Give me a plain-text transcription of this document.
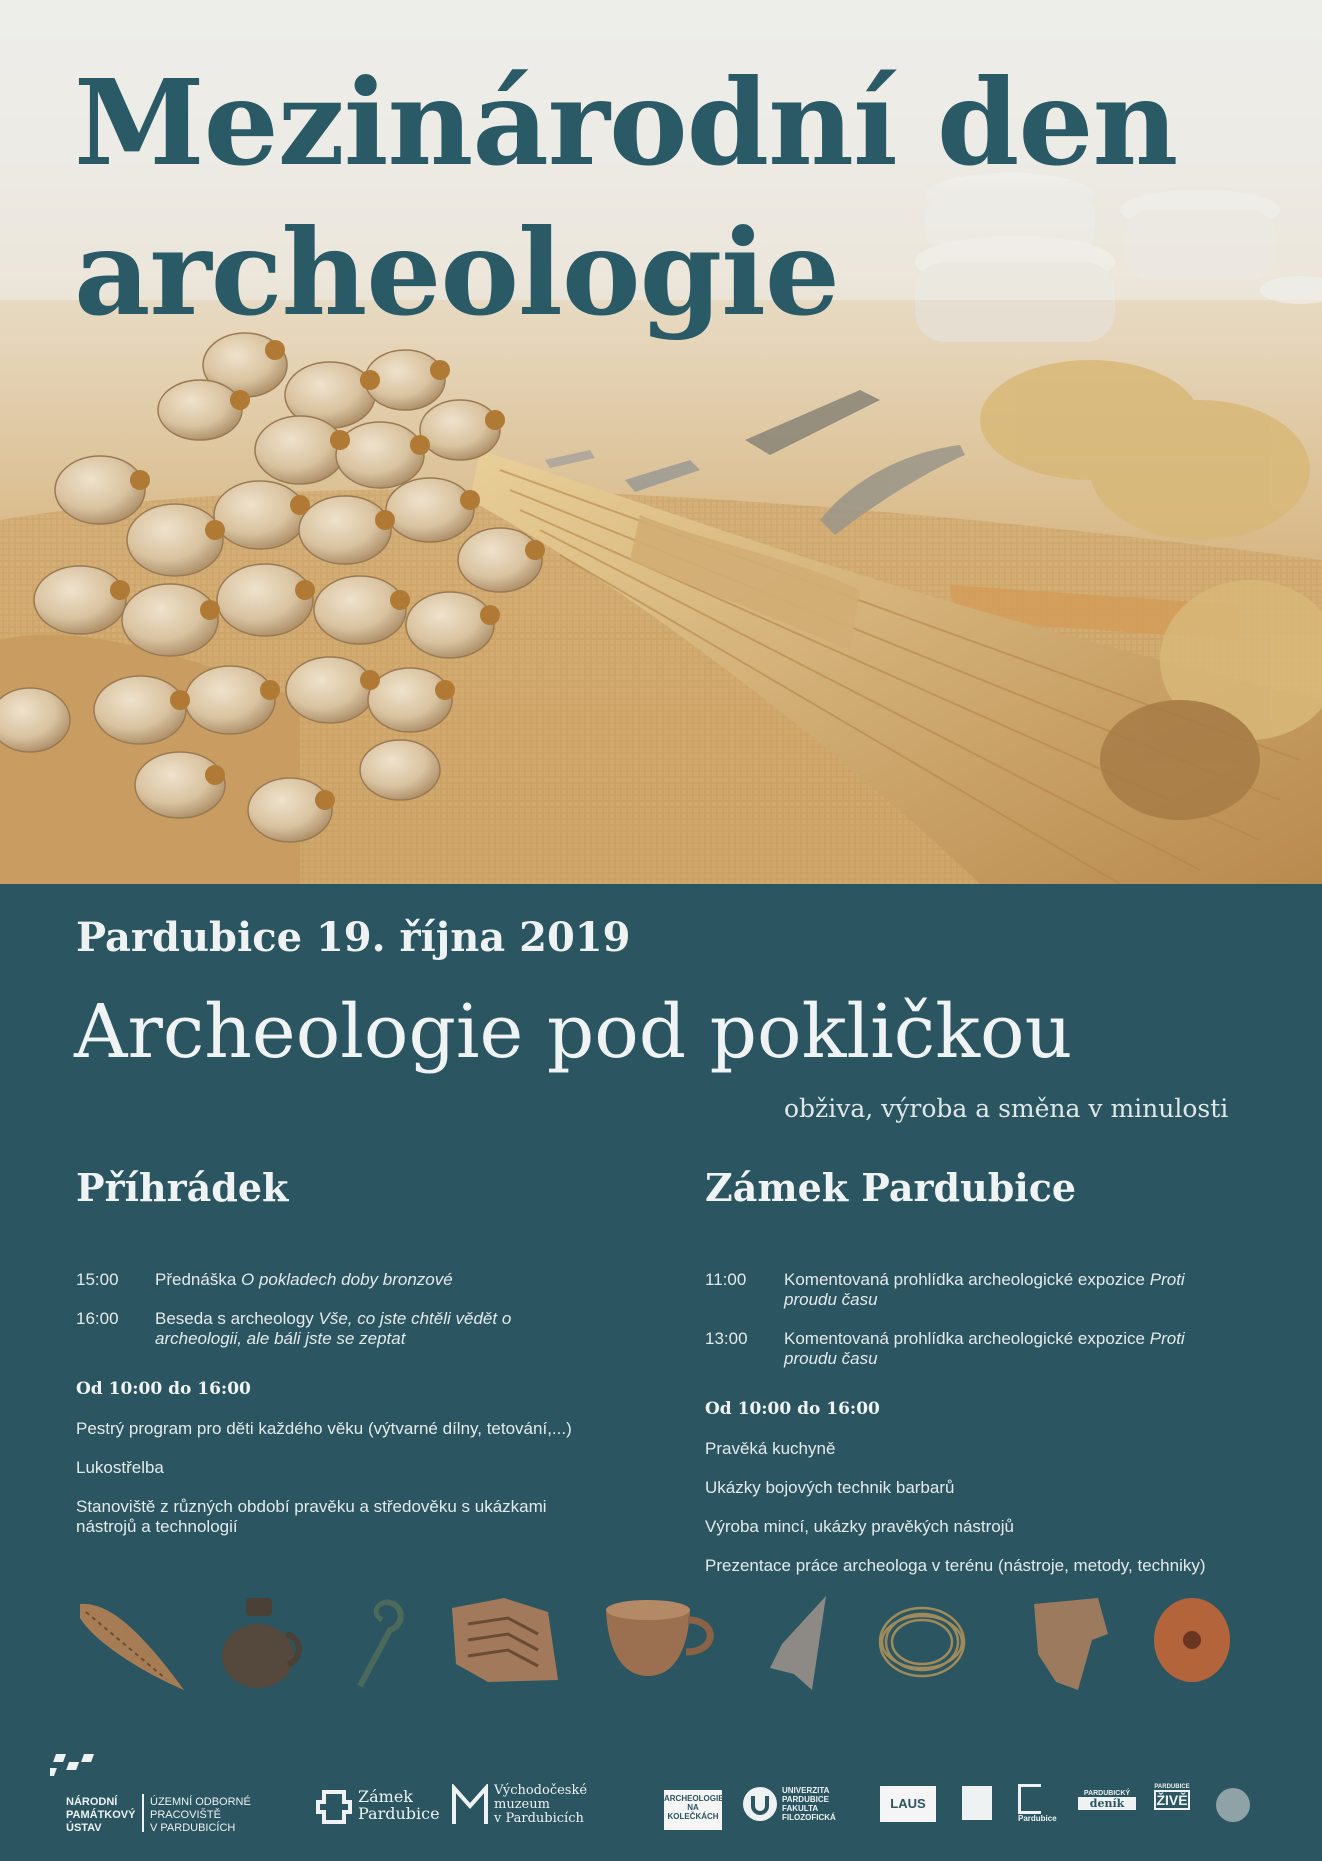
Mezinárodní den
archeologie
Pardubice 19. října 2019
Archeologie pod pokličkou
obživa, výroba a směna v minulosti
Příhrádek
15:00	Přednáška O pokladech doby bronzové
16:00	Beseda s archeology Vše, co jste chtěli vědět o archeologii, ale báli jste se zeptat
Od 10:00 do 16:00
Pestrý program pro děti každého věku (výtvarné dílny, tetování,...)
Lukostřelba
Stanoviště z různých období pravěku a středověku s ukázkami nástrojů a technologií
Zámek Pardubice
11:00	Komentovaná prohlídka archeologické expozice Proti proudu času
13:00	Komentovaná prohlídka archeologické expozice Proti proudu času
Od 10:00 do 16:00
Pravěká kuchyně
Ukázky bojových technik barbarů
Výroba mincí, ukázky pravěkých nástrojů
Prezentace práce archeologa v terénu (nástroje, metody, techniky)
NÁRODNÍ
PAMÁTKOVÝ
ÚSTAV
ÚZEMNÍ ODBORNÉ
PRACOVIŠTĚ
V PARDUBICÍCH
Zámek
Pardubice
Východočeské
muzeum
v Pardubicích
ARCHEOLOGIE
NA KOLEČKÁCH
UNIVERZITA
PARDUBICE
FAKULTA
FILOZOFICKÁ
LAUS
Pardubice
PARDUBICKÝ
deník
PARDUBICE
ŽIVĚ
